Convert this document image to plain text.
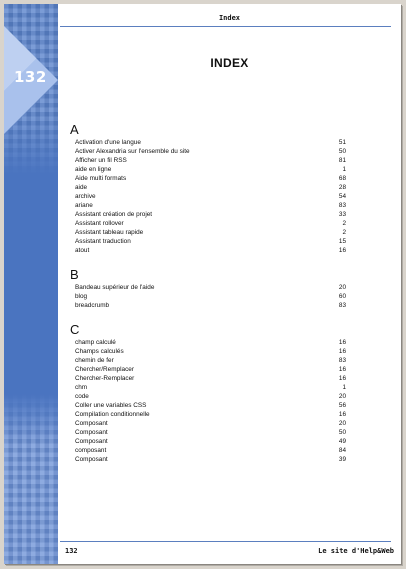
132
Index
INDEX
A
Activation d'une langue	51
Activer Alexandria sur l'ensemble du site	50
Afficher un fil RSS	81
aide en ligne	1
Aide multi formats	68
aide	28
archive	54
ariane	83
Assistant création de projet	33
Assistant rollover	2
Assistant tableau rapide	2
Assistant traduction	15
atout	16
B
Bandeau supérieur de l'aide	20
blog	60
breadcrumb	83
C
champ calculé	16
Champs calculés	16
chemin de fer	83
Chercher/Remplacer	16
Chercher-Remplacer	16
chm	1
code	20
Coller une variables CSS	56
Compilation conditionnelle	16
Composant	20
Composant	50
Composant	49
composant	84
Composant	39
132	Le site d'Help&Web
